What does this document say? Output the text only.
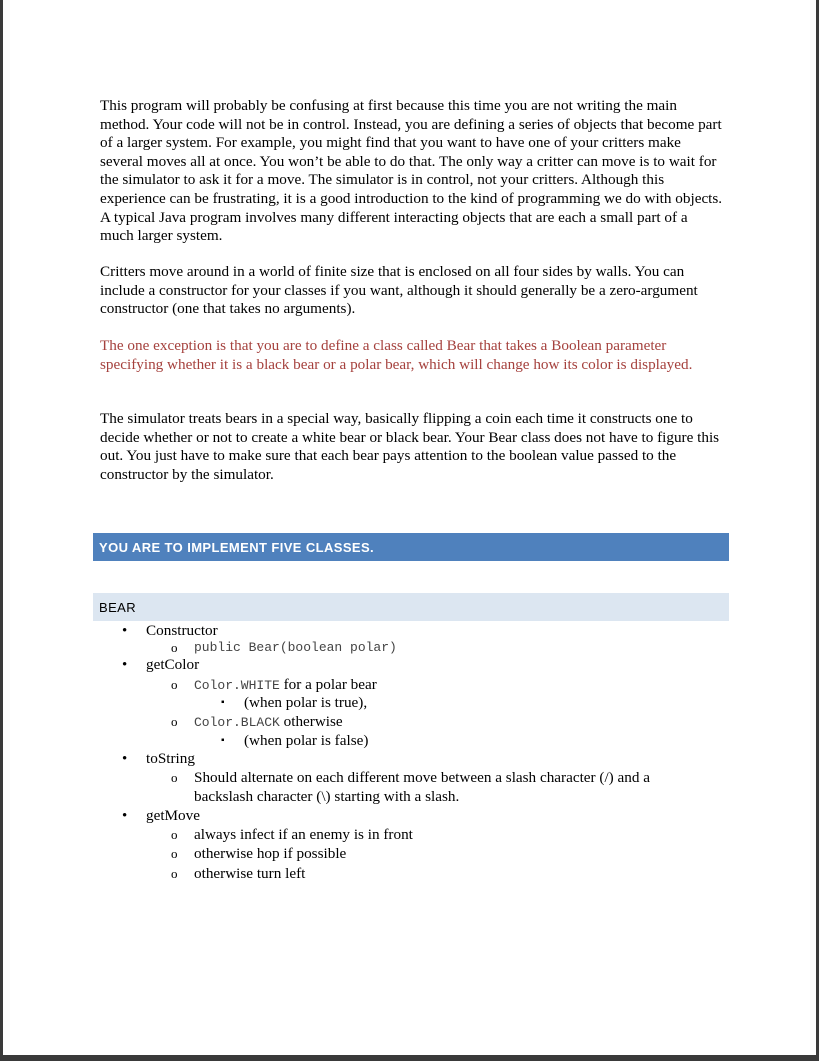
This program will probably be confusing at first because this time you are not writing the main method. Your code will not be in control. Instead, you are defining a series of objects that become part of a larger system. For example, you might find that you want to have one of your critters make several moves all at once. You won’t be able to do that. The only way a critter can move is to wait for the simulator to ask it for a move. The simulator is in control, not your critters. Although this experience can be frustrating, it is a good introduction to the kind of programming we do with objects. A typical Java program involves many different interacting objects that are each a small part of a much larger system.

Critters move around in a world of finite size that is enclosed on all four sides by walls. You can include a constructor for your classes if you want, although it should generally be a zero-argument constructor (one that takes no arguments).

The one exception is that you are to define a class called Bear that takes a Boolean parameter specifying whether it is a black bear or a polar bear, which will change how its color is displayed.

The simulator treats bears in a special way, basically flipping a coin each time it constructs one to decide whether or not to create a white bear or black bear. Your Bear class does not have to figure this out. You just have to make sure that each bear pays attention to the boolean value passed to the constructor by the simulator.

YOU ARE TO IMPLEMENT FIVE CLASSES.
BEAR
• Constructor
o public Bear(boolean polar)
• getColor
o Color.WHITE for a polar bear
▪ (when polar is true),
o Color.BLACK otherwise
▪ (when polar is false)
• toString
o Should alternate on each different move between a slash character (/) and a
backslash character (\) starting with a slash.
• getMove
o always infect if an enemy is in front
o otherwise hop if possible
o otherwise turn left
